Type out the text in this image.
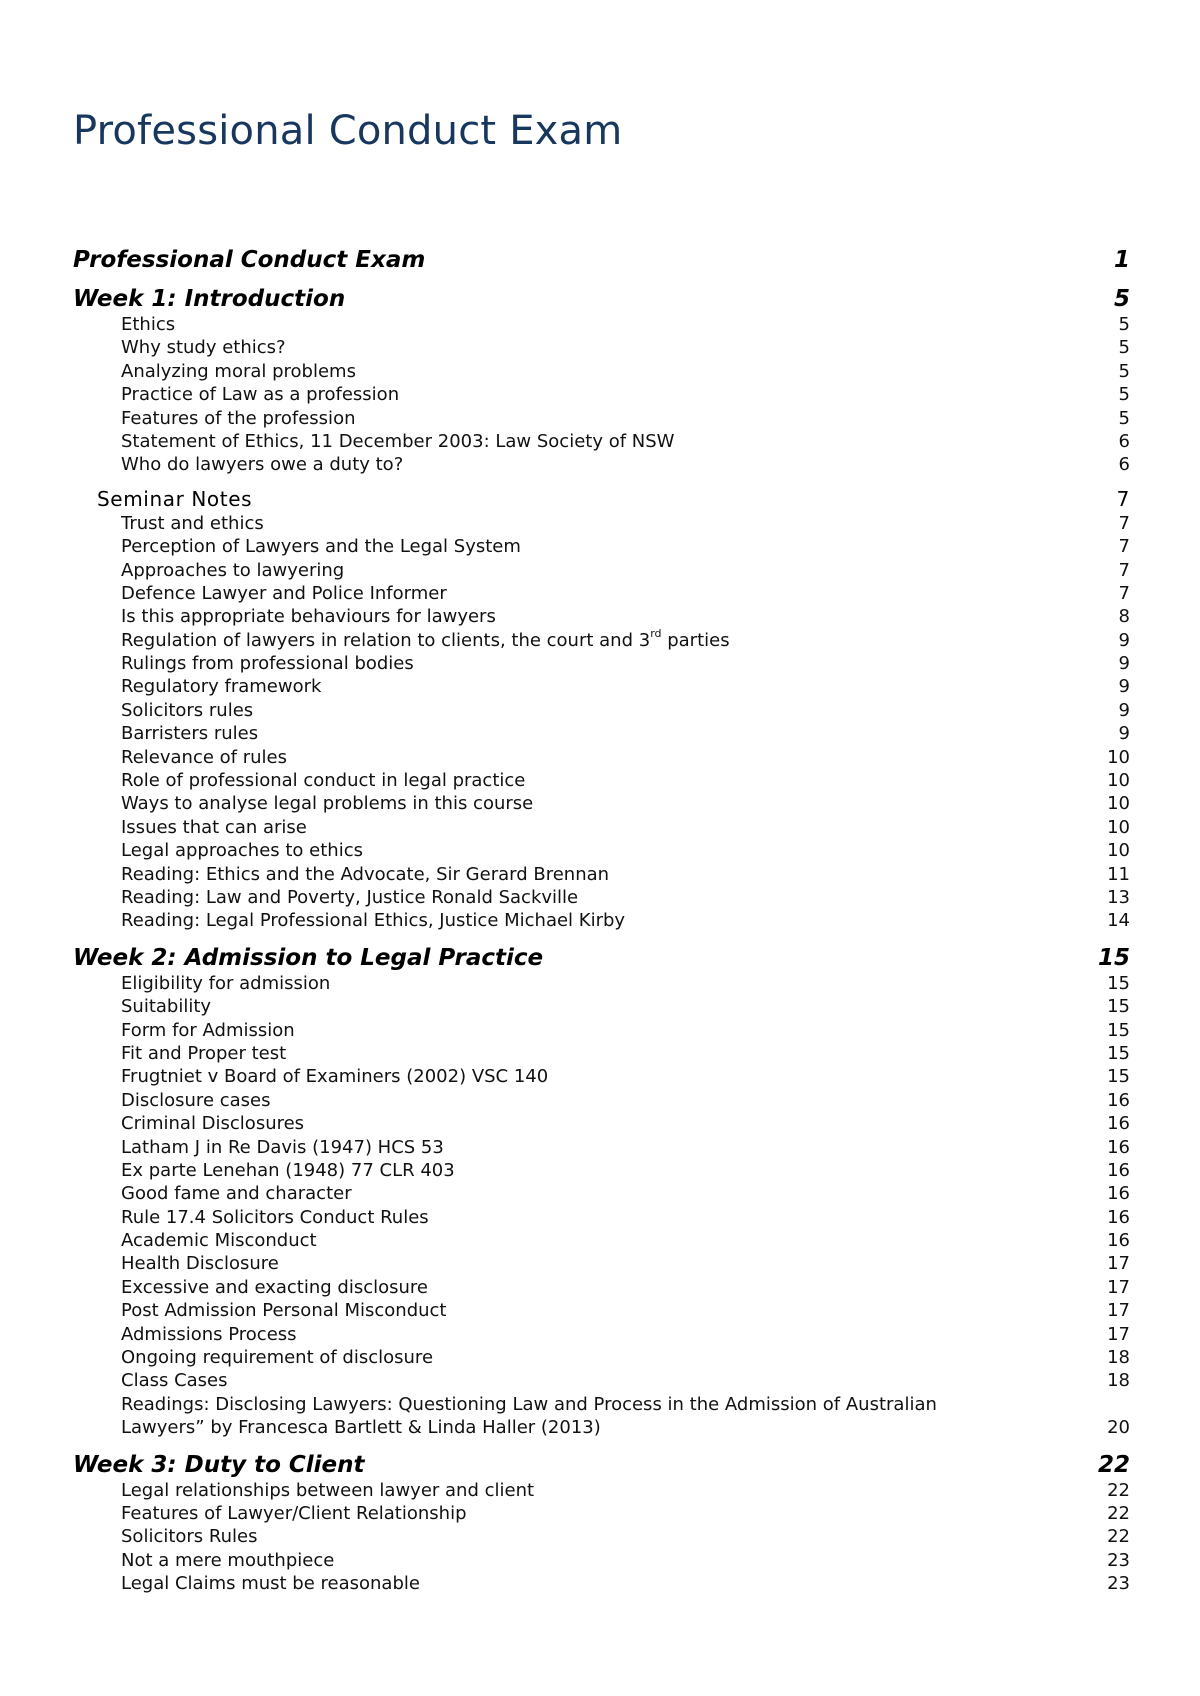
Professional Conduct Exam
Professional Conduct Exam	1
Week 1: Introduction	5
Ethics	5
Why study ethics?	5
Analyzing moral problems	5
Practice of Law as a profession	5
Features of the profession	5
Statement of Ethics, 11 December 2003: Law Society of NSW	6
Who do lawyers owe a duty to?	6
Seminar Notes	7
Trust and ethics	7
Perception of Lawyers and the Legal System	7
Approaches to lawyering	7
Defence Lawyer and Police Informer	7
Is this appropriate behaviours for lawyers	8
Regulation of lawyers in relation to clients, the court and 3rd parties	9
Rulings from professional bodies	9
Regulatory framework	9
Solicitors rules	9
Barristers rules	9
Relevance of rules	10
Role of professional conduct in legal practice	10
Ways to analyse legal problems in this course	10
Issues that can arise	10
Legal approaches to ethics	10
Reading: Ethics and the Advocate, Sir Gerard Brennan	11
Reading: Law and Poverty, Justice Ronald Sackville	13
Reading: Legal Professional Ethics, Justice Michael Kirby	14
Week 2: Admission to Legal Practice	15
Eligibility for admission	15
Suitability	15
Form for Admission	15
Fit and Proper test	15
Frugtniet v Board of Examiners (2002) VSC 140	15
Disclosure cases	16
Criminal Disclosures	16
Latham J in Re Davis (1947) HCS 53	16
Ex parte Lenehan (1948) 77 CLR 403	16
Good fame and character	16
Rule 17.4 Solicitors Conduct Rules	16
Academic Misconduct	16
Health Disclosure	17
Excessive and exacting disclosure	17
Post Admission Personal Misconduct	17
Admissions Process	17
Ongoing requirement of disclosure	18
Class Cases	18
Readings: Disclosing Lawyers: Questioning Law and Process in the Admission of Australian
Lawyers” by Francesca Bartlett & Linda Haller (2013)	20
Week 3: Duty to Client	22
Legal relationships between lawyer and client	22
Features of Lawyer/Client Relationship	22
Solicitors Rules	22
Not a mere mouthpiece	23
Legal Claims must be reasonable	23
